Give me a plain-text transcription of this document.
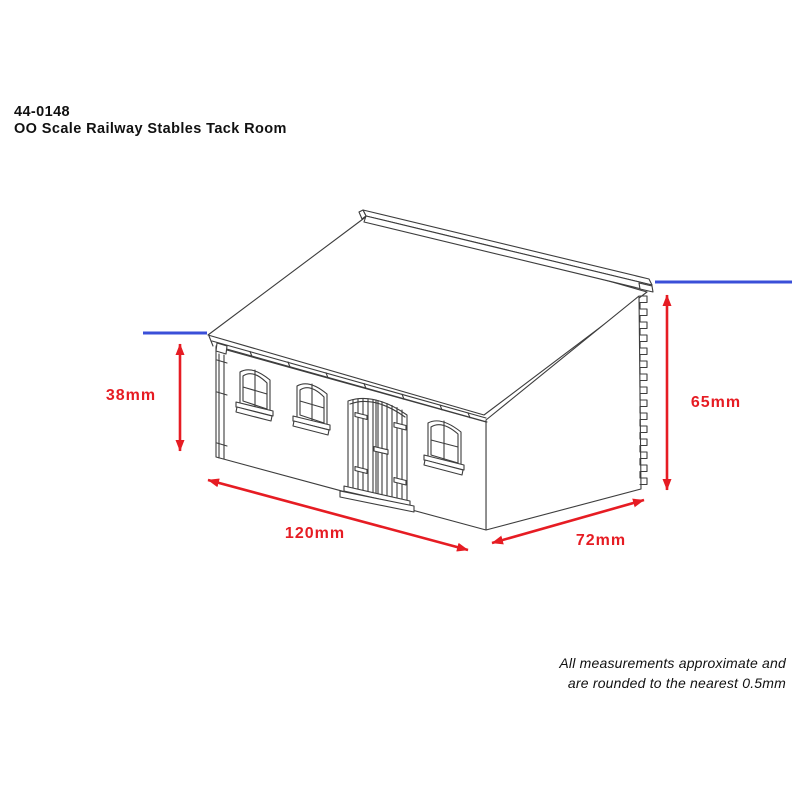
44-0148
OO Scale Railway Stables Tack Room
38mm	65mm
120mm	72mm
All measurements approximate and
are rounded to the nearest 0.5mm
